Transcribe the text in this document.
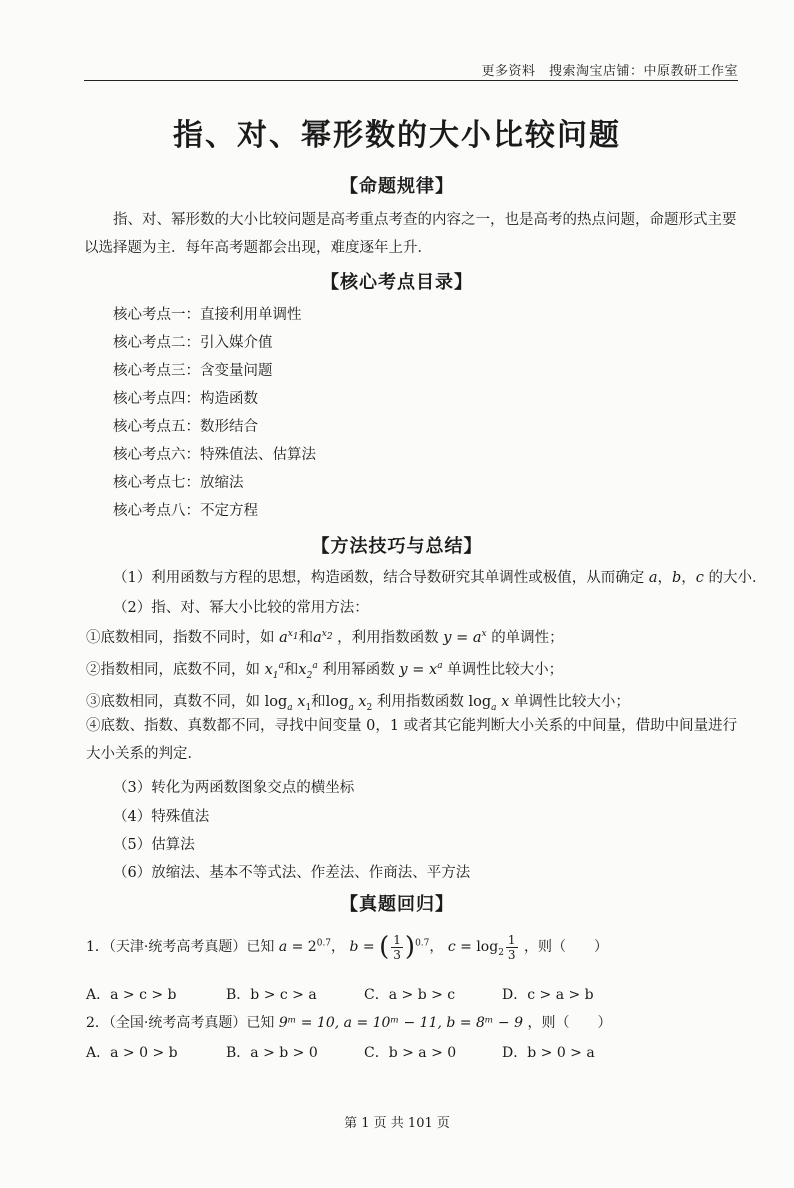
更多资料　搜索淘宝店铺：中原教研工作室
指、对、幂形数的大小比较问题
【命题规律】
指、对、幂形数的大小比较问题是高考重点考查的内容之一，也是高考的热点问题，命题形式主要以选择题为主．每年高考题都会出现，难度逐年上升．
【核心考点目录】
核心考点一：直接利用单调性
核心考点二：引入媒介值
核心考点三：含变量问题
核心考点四：构造函数
核心考点五：数形结合
核心考点六：特殊值法、估算法
核心考点七：放缩法
核心考点八：不定方程
【方法技巧与总结】
（1）利用函数与方程的思想，构造函数，结合导数研究其单调性或极值，从而确定 a，b，c 的大小．
（2）指、对、幂大小比较的常用方法：
①底数相同，指数不同时，如 $a^{x_1}$和$a^{x_2}$ ，利用指数函数 $y = a^x$ 的单调性；
②指数相同，底数不同，如 $x_1^a$和$x_2^a$ 利用幂函数 $y = x^a$ 单调性比较大小；
③底数相同，真数不同，如 $\log_a x_1$和$\log_a x_2$ 利用指数函数 $\log_a x$ 单调性比较大小；
④底数、指数、真数都不同，寻找中间变量 0，1 或者其它能判断大小关系的中间量，借助中间量进行大小关系的判定．
（3）转化为两函数图象交点的横坐标
（4）特殊值法
（5）估算法
（6）放缩法、基本不等式法、作差法、作商法、平方法
【真题回归】
1．（天津·统考高考真题）已知 $a = 2^{0.7}$， b = ( $\frac{1}{3} )^{0.7}$， $c = \log_2 \frac{1}{3}$ ，则（　　）
A．a > c > b	B．b > c > a	C．a > b > c	D．c > a > b
2．（全国·统考高考真题）已知 9ᵐ = 10, a = 10ᵐ − 11, b = 8ᵐ − 9 ，则（　　）
A．a > 0 > b	B．a > b > 0	C．b > a > 0	D．b > 0 > a
第 1 页 共 101 页
